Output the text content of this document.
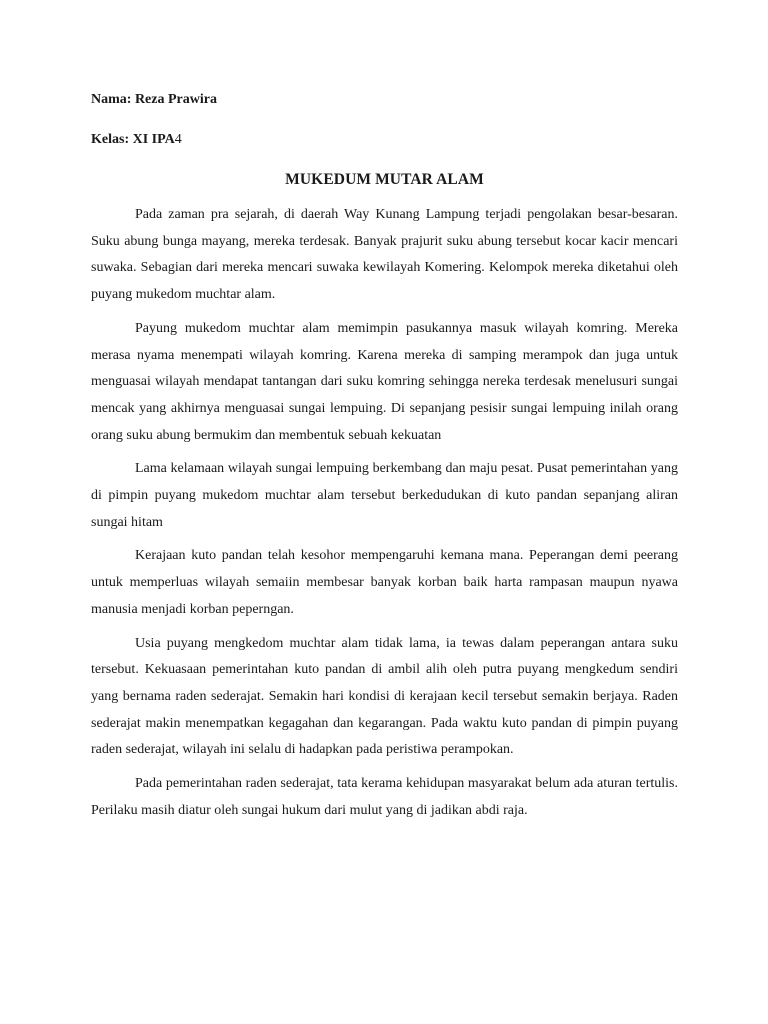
Nama: Reza Prawira

Kelas: XI IPA4

MUKEDUM MUTAR ALAM

Pada zaman pra sejarah, di daerah Way Kunang Lampung terjadi pengolakan besar-besaran. Suku abung bunga mayang, mereka terdesak. Banyak prajurit suku abung tersebut kocar kacir mencari suwaka. Sebagian dari mereka mencari suwaka kewilayah Komering. Kelompok mereka diketahui oleh puyang mukedom muchtar alam.

Payung mukedom muchtar alam memimpin pasukannya masuk wilayah komring. Mereka merasa nyama menempati wilayah komring. Karena mereka di samping merampok dan juga untuk menguasai wilayah mendapat tantangan dari suku komring sehingga nereka terdesak menelusuri sungai mencak yang akhirnya menguasai sungai lempuing. Di sepanjang pesisir sungai lempuing inilah orang orang suku abung bermukim dan membentuk sebuah kekuatan

Lama kelamaan wilayah sungai lempuing berkembang dan maju pesat. Pusat pemerintahan yang di pimpin puyang mukedom muchtar alam tersebut berkedudukan di kuto pandan sepanjang aliran sungai hitam

Kerajaan kuto pandan telah kesohor mempengaruhi kemana mana. Peperangan demi peerang untuk memperluas wilayah semaiin membesar banyak korban baik harta rampasan maupun nyawa manusia menjadi korban peperngan.

Usia puyang mengkedom muchtar alam tidak lama, ia tewas dalam peperangan antara suku tersebut. Kekuasaan pemerintahan kuto pandan di ambil alih oleh putra puyang mengkedum sendiri yang bernama raden sederajat. Semakin hari kondisi di kerajaan kecil tersebut semakin berjaya. Raden sederajat makin menempatkan kegagahan dan kegarangan. Pada waktu kuto pandan di pimpin puyang raden sederajat, wilayah ini selalu di hadapkan pada peristiwa perampokan.

Pada pemerintahan raden sederajat, tata kerama kehidupan masyarakat belum ada aturan tertulis. Perilaku masih diatur oleh sungai hukum dari mulut yang di jadikan abdi raja.
